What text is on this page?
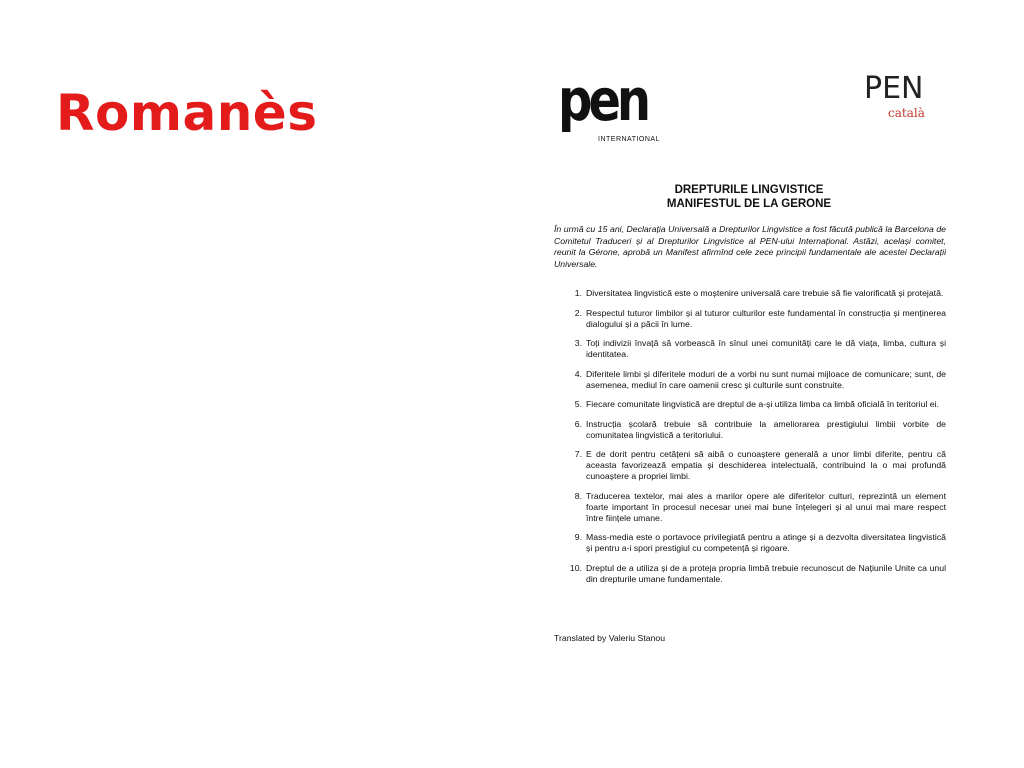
Romanès	pen
INTERNATIONAL
PEN
català
DREPTURILE LINGVISTICE
MANIFESTUL DE LA GERONE

În urmă cu 15 ani, Declarația Universală a Drepturilor Lingvistice a fost făcută publică la Barcelona de Comitetul Traduceri și al Drepturilor Lingvistice al PEN-ului Internațional. Astăzi, același comitet, reunit la Gérone, aprobă un Manifest afirmînd cele zece principii fundamentale ale acestei Declarații Universale.

1. Diversitatea lingvistică este o moștenire universală care trebuie să fie valorificată și protejată.
2. Respectul tuturor limbilor și al tuturor culturilor este fundamental în construcția și menținerea dialogului și a păcii în lume.
3. Toți indivizii învață să vorbească în sînul unei comunități care le dă viața, limba, cultura și identitatea.
4. Diferitele limbi și diferitele moduri de a vorbi nu sunt numai mijloace de comunicare; sunt, de asemenea, mediul în care oamenii cresc și culturile sunt construite.
5. Fiecare comunitate lingvistică are dreptul de a-și utiliza limba ca limbă oficială în teritoriul ei.
6. Instrucția școlară trebuie să contribuie la ameliorarea prestigiului limbii vorbite de comunitatea lingvistică a teritoriului.
7. E de dorit pentru cetățeni să aibă o cunoaștere generală a unor limbi diferite, pentru că aceasta favorizează empatia și deschiderea intelectuală, contribuind la o mai profundă cunoaștere a propriei limbi.
8. Traducerea textelor, mai ales a marilor opere ale diferitelor culturi, reprezintă un element foarte important în procesul necesar unei mai bune înțelegeri și al unui mai mare respect între ființele umane.
9. Mass-media este o portavoce privilegiată pentru a atinge și a dezvolta diversitatea lingvistică și pentru a-i spori prestigiul cu competență și rigoare.
10. Dreptul de a utiliza și de a proteja propria limbă trebuie recunoscut de Națiunile Unite ca unul din drepturile umane fundamentale.

Translated by Valeriu Stanou
